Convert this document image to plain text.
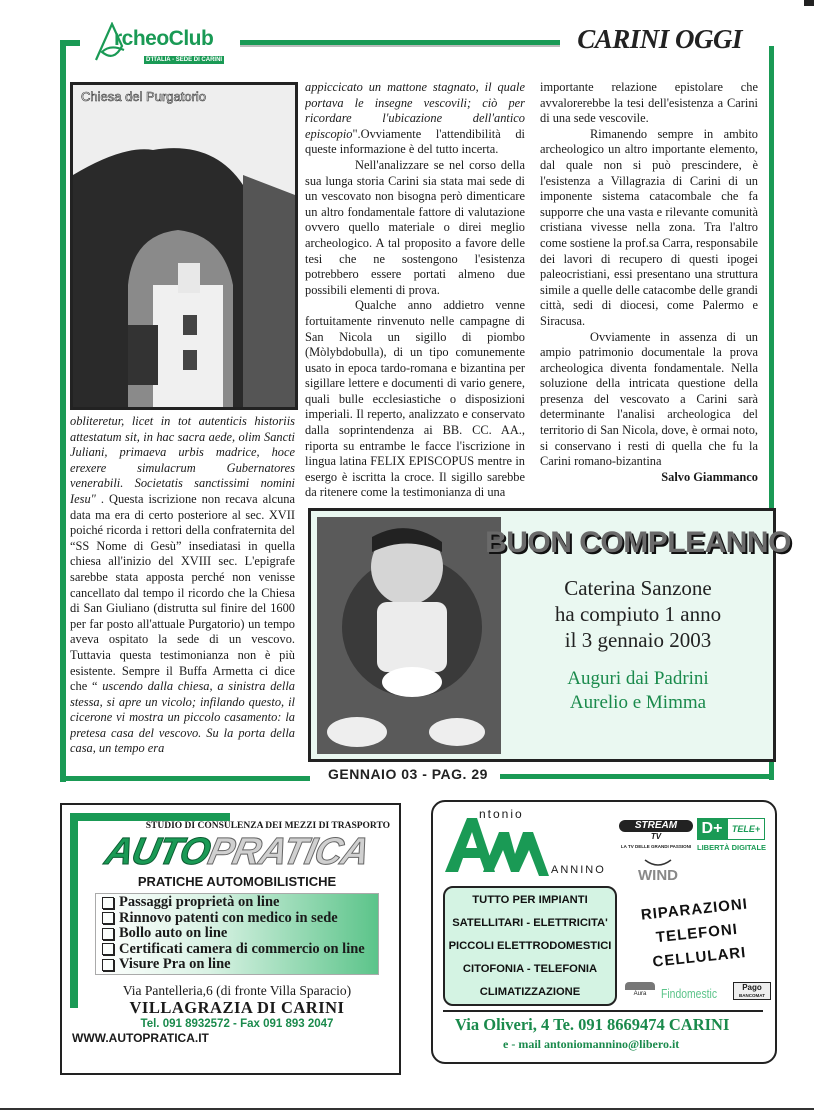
rcheoClub
D'ITALIA - SEDE DI CARINI
CARINI OGGI
Chiesa del Purgatorio

obliteretur, licet in tot autenticis historiis attestatum sit, in hac sacra aede, olim Sancti Juliani, primaeva urbis madrice, hoce erexere simulacrum Gubernatores venerabili. Societatis sanctissimi nomini Iesu" . Questa iscrizione non recava alcuna data ma era di certo posteriore al sec. XVII poiché ricorda i rettori della confraternita del “SS Nome di Gesù” insediatasi in quella chiesa all'inizio del XVIII sec. L'epigrafe sarebbe stata apposta perché non venisse cancellato dal tempo il ricordo che la Chiesa di San Giuliano (distrutta sul finire del 1600 per far posto all'attuale Purgatorio) un tempo aveva ospitato la sede di un vescovo. Tuttavia questa testimonianza non è più esistente. Sempre il Buffa Armetta ci dice che “ uscendo dalla chiesa, a sinistra della stessa, si apre un vicolo; infilando questo, il cicerone vi mostra un piccolo casamento: la pretesa casa del vescovo. Su la porta della casa, un tempo era

appiccicato un mattone stagnato, il quale portava le insegne vescovili; ciò per ricordare l'ubicazione dell'antico episcopio".Ovviamente l'attendibilità di queste informazione è del tutto incerta.

Nell'analizzare se nel corso della sua lunga storia Carini sia stata mai sede di un vescovato non bisogna però dimenticare un altro fondamentale fattore di valutazione ovvero quello materiale o direi meglio archeologico. A tal proposito a favore delle tesi che ne sostengono l'esistenza potrebbero essere portati almeno due possibili elementi di prova.

Qualche anno addietro venne fortuitamente rinvenuto nelle campagne di San Nicola un sigillo di piombo (Mòlybdobulla), di un tipo comunemente usato in epoca tardo-romana e bizantina per sigillare lettere e documenti di vario genere, quali bulle ecclesiastiche o disposizioni imperiali. Il reperto, analizzato e conservato dalla soprintendenza ai BB. CC. AA., riporta su entrambe le facce l'iscrizione in lingua latina FELIX EPISCOPUS mentre in esergo è iscritta la croce. Il sigillo sarebbe da ritenere come la testimonianza di una

importante relazione epistolare che avvalorerebbe la tesi dell'esistenza a Carini di una sede vescovile.

Rimanendo sempre in ambito archeologico un altro importante elemento, dal quale non si può prescindere, è l'esistenza a Villagrazia di Carini di un imponente sistema catacombale che fa supporre che una vasta e rilevante comunità cristiana vivesse nella zona. Tra l'altro come sostiene la prof.sa Carra, responsabile dei lavori di recupero di questi ipogei paleocristiani, essi presentano una struttura simile a quelle delle catacombe delle grandi città, sedi di diocesi, come Palermo e Siracusa.

Ovviamente in assenza di un ampio patrimonio documentale la prova archeologica diventa fondamentale. Nella soluzione della intricata questione della presenza del vescovato a Carini sarà determinante l'analisi archeologica del territorio di San Nicola, dove, è ormai noto, si conservano i resti di quella che fu la Carini romano-bizantina

Salvo Giammanco

BUON COMPLEANNO
Caterina Sanzone
ha compiuto 1 anno
il 3 gennaio 2003
Auguri dai Padrini
Aurelio e Mimma
GENNAIO 03 - PAG. 29
STUDIO DI CONSULENZA DEI MEZZI DI TRASPORTO
AUTOPRATICA
PRATICHE AUTOMOBILISTICHE
Passaggi proprietà on line
Rinnovo patenti con medico in sede
Bollo auto on line
Certificati camera di commercio on line
Visure Pra on line
Via Pantelleria,6 (di fronte Villa Sparacio)
VILLAGRAZIA DI CARINI
Tel. 091 8932572 - Fax 091 893 2047
WWW.AUTOPRATICA.IT
ntonio
ANNINO
STREAM
TV
LA TV DELLE GRANDI PASSIONI
D+	TELE+
LIBERTÀ DIGITALE
WIND
TUTTO PER IMPIANTI
SATELLITARI - ELETTRICITA'
PICCOLI ELETTRODOMESTICI
CITOFONIA - TELEFONIA
CLIMATIZZAZIONE
RIPARAZIONI
TELEFONI
CELLULARI
Aura	Findomestic	Pago
BANCOMAT
Via Oliveri, 4 Te. 091 8669474 CARINI
e - mail antoniomannino@libero.it
